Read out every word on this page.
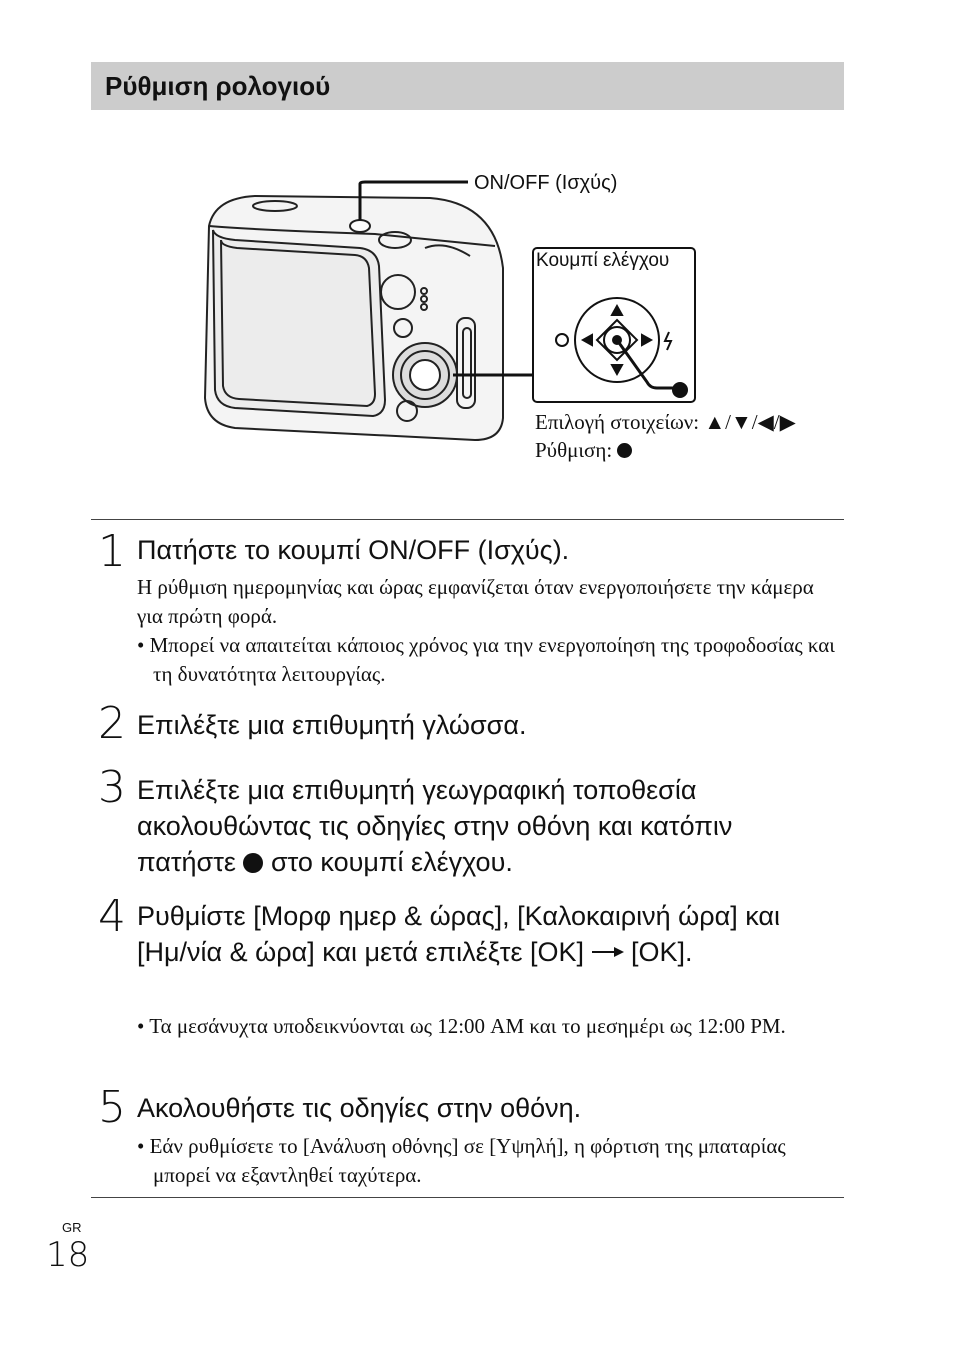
Ρύθμιση ρολογιού
ON/OFF (Ισχύς)
Κουμπί ελέγχου
Επιλογή στοιχείων: ▲/▼/◀/▶
Ρύθμιση:
1 Πατήστε το κουμπί ON/OFF (Ισχύς).
Η ρύθμιση ημερομηνίας και ώρας εμφανίζεται όταν ενεργοποιήσετε την κάμερα για πρώτη φορά.
• Μπορεί να απαιτείται κάποιος χρόνος για την ενεργοποίηση της τροφοδοσίας και τη δυνατότητα λειτουργίας.
2 Επιλέξτε μια επιθυμητή γλώσσα.
3 Επιλέξτε μια επιθυμητή γεωγραφική τοποθεσία ακολουθώντας τις οδηγίες στην οθόνη και κατόπιν πατήστε στο κουμπί ελέγχου.
4 Ρυθμίστε [Μορφ ημερ & ώρας], [Καλοκαιρινή ώρα] και [Ημ/νία & ώρα] και μετά επιλέξτε [OK] [OK].
• Τα μεσάνυχτα υποδεικνύονται ως 12:00 AM και το μεσημέρι ως 12:00 PM.
5 Ακολουθήστε τις οδηγίες στην οθόνη.
• Εάν ρυθμίσετε το [Ανάλυση οθόνης] σε [Υψηλή], η φόρτιση της μπαταρίας μπορεί να εξαντληθεί ταχύτερα.
GR
18
